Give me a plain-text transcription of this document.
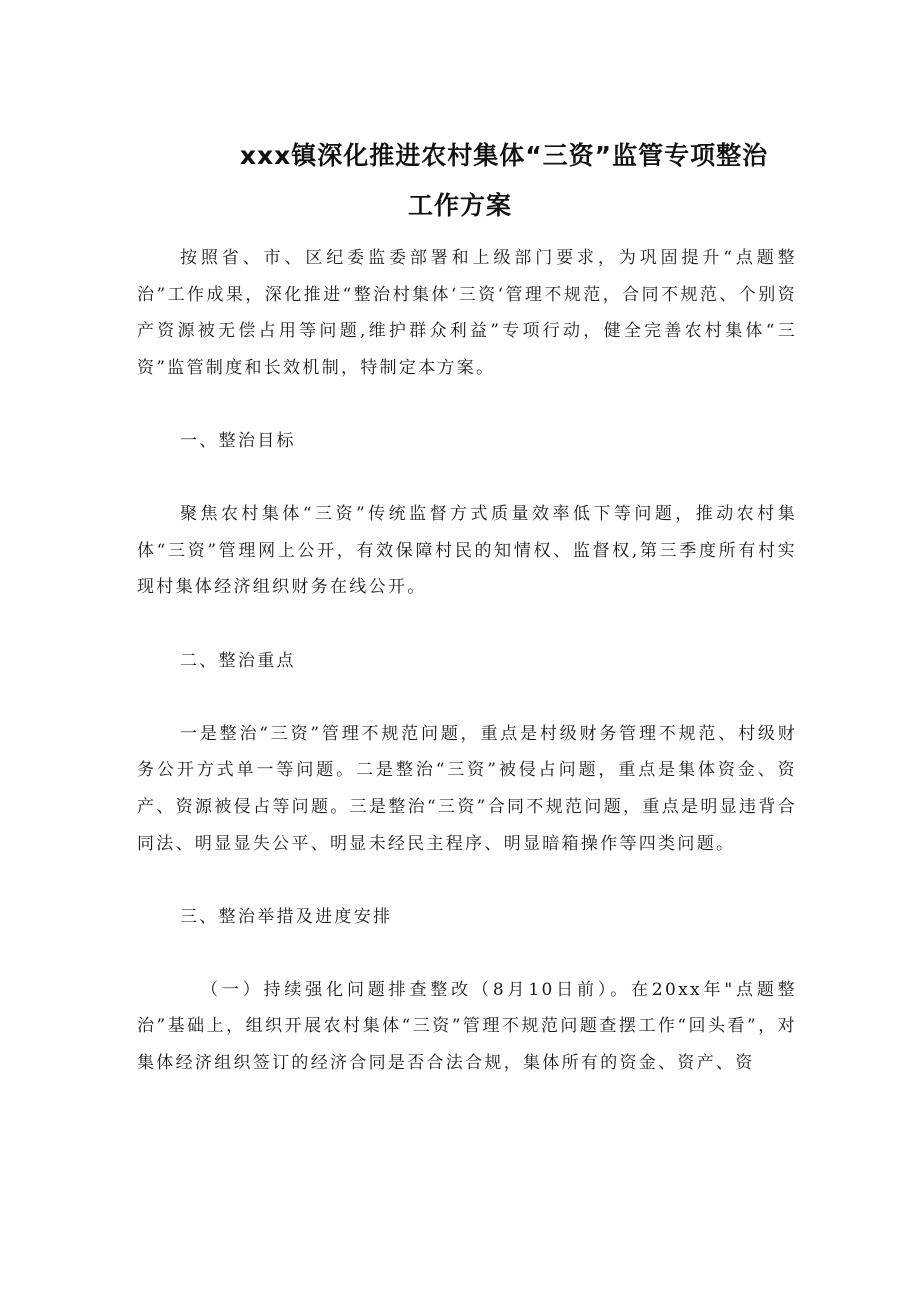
xxx镇深化推进农村集体“三资”监管专项整治
工作方案

按照省、市、区纪委监委部署和上级部门要求，为巩固提升“点题整治”工作成果，深化推进“整治村集体‘三资‘管理不规范，合同不规范、个别资产资源被无偿占用等问题,维护群众利益”专项行动，健全完善农村集体“三资”监管制度和长效机制，特制定本方案。

一、整治目标

聚焦农村集体“三资”传统监督方式质量效率低下等问题，推动农村集体“三资”管理网上公开，有效保障村民的知情权、监督权,第三季度所有村实现村集体经济组织财务在线公开。

二、整治重点

一是整治“三资”管理不规范问题，重点是村级财务管理不规范、村级财务公开方式单一等问题。二是整治“三资”被侵占问题，重点是集体资金、资产、资源被侵占等问题。三是整治“三资”合同不规范问题，重点是明显违背合同法、明显显失公平、明显未经民主程序、明显暗箱操作等四类问题。

三、整治举措及进度安排

（一）持续强化问题排查整改（8月10日前）。在20xx年"点题整治”基础上，组织开展农村集体“三资”管理不规范问题查摆工作“回头看”，对集体经济组织签订的经济合同是否合法合规，集体所有的资金、资产、资
